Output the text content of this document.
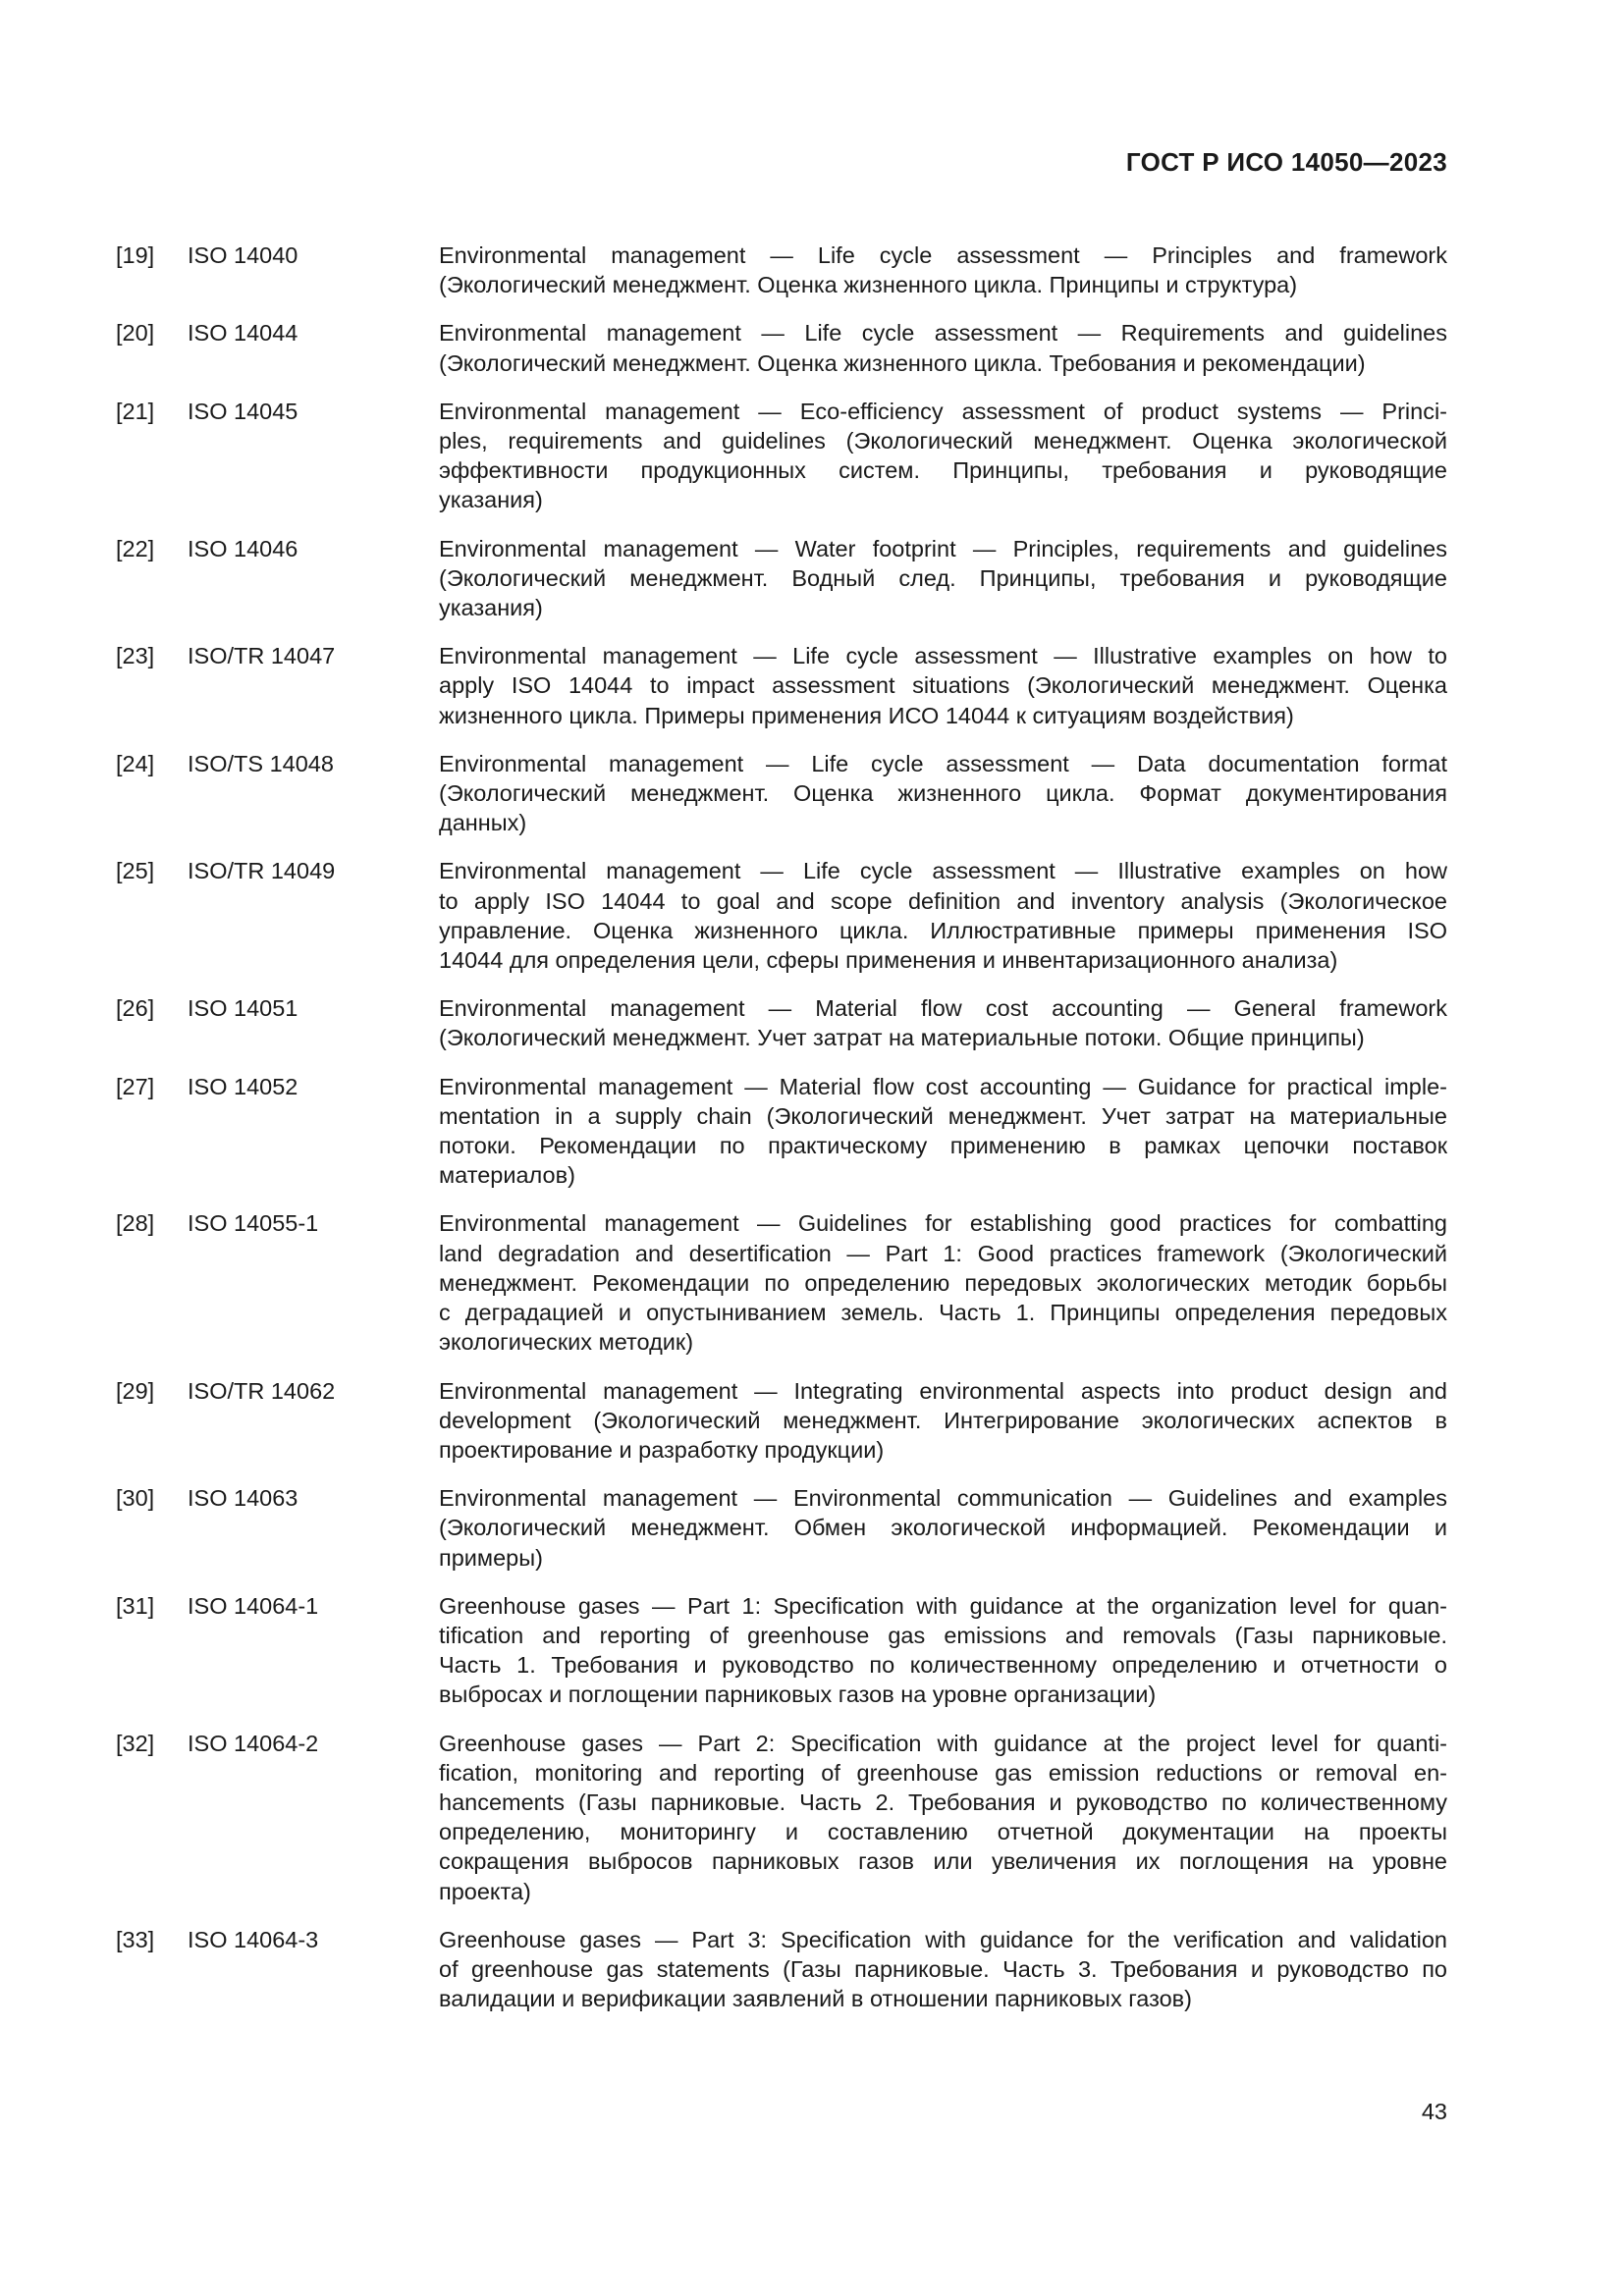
ГОСТ Р ИСО 14050—2023
[19] ISO 14040	Environmental management — Life cycle assessment — Principles and framework
(Экологический менеджмент. Оценка жизненного цикла. Принципы и структура)
[20] ISO 14044	Environmental management — Life cycle assessment — Requirements and guidelines
(Экологический менеджмент. Оценка жизненного цикла. Требования и рекомендации)
[21] ISO 14045	Environmental management — Eco-efficiency assessment of product systems — Princi-
ples, requirements and guidelines (Экологический менеджмент. Оценка экологической
эффективности продукционных систем. Принципы, требования и руководящие
указания)
[22] ISO 14046	Environmental management — Water footprint — Principles, requirements and guidelines
(Экологический менеджмент. Водный след. Принципы, требования и руководящие
указания)
[23] ISO/TR 14047	Environmental management — Life cycle assessment — Illustrative examples on how to
apply ISO 14044 to impact assessment situations (Экологический менеджмент. Оценка
жизненного цикла. Примеры применения ИСО 14044 к ситуациям воздействия)
[24] ISO/TS 14048	Environmental management — Life cycle assessment — Data documentation format
(Экологический менеджмент. Оценка жизненного цикла. Формат документирования
данных)
[25] ISO/TR 14049	Environmental management — Life cycle assessment — Illustrative examples on how
to apply ISO 14044 to goal and scope definition and inventory analysis (Экологическое
управление. Оценка жизненного цикла. Иллюстративные примеры применения ISO
14044 для определения цели, сферы применения и инвентаризационного анализа)
[26] ISO 14051	Environmental management — Material flow cost accounting — General framework
(Экологический менеджмент. Учет затрат на материальные потоки. Общие принципы)
[27] ISO 14052	Environmental management — Material flow cost accounting — Guidance for practical imple-
mentation in a supply chain (Экологический менеджмент. Учет затрат на материальные
потоки. Рекомендации по практическому применению в рамках цепочки поставок
материалов)
[28] ISO 14055-1	Environmental management — Guidelines for establishing good practices for combatting
land degradation and desertification — Part 1: Good practices framework (Экологический
менеджмент. Рекомендации по определению передовых экологических методик борьбы
с деградацией и опустыниванием земель. Часть 1. Принципы определения передовых
экологических методик)
[29] ISO/TR 14062	Environmental management — Integrating environmental aspects into product design and
development (Экологический менеджмент. Интегрирование экологических аспектов в
проектирование и разработку продукции)
[30] ISO 14063	Environmental management — Environmental communication — Guidelines and examples
(Экологический менеджмент. Обмен экологической информацией. Рекомендации и
примеры)
[31] ISO 14064-1	Greenhouse gases — Part 1: Specification with guidance at the organization level for quan-
tification and reporting of greenhouse gas emissions and removals (Газы парниковые.
Часть 1. Требования и руководство по количественному определению и отчетности о
выбросах и поглощении парниковых газов на уровне организации)
[32] ISO 14064-2	Greenhouse gases — Part 2: Specification with guidance at the project level for quanti-
fication, monitoring and reporting of greenhouse gas emission reductions or removal en-
hancements (Газы парниковые. Часть 2. Требования и руководство по количественному
определению, мониторингу и составлению отчетной документации на проекты
сокращения выбросов парниковых газов или увеличения их поглощения на уровне
проекта)
[33] ISO 14064-3	Greenhouse gases — Part 3: Specification with guidance for the verification and validation
of greenhouse gas statements (Газы парниковые. Часть 3. Требования и руководство по
валидации и верификации заявлений в отношении парниковых газов)
43
